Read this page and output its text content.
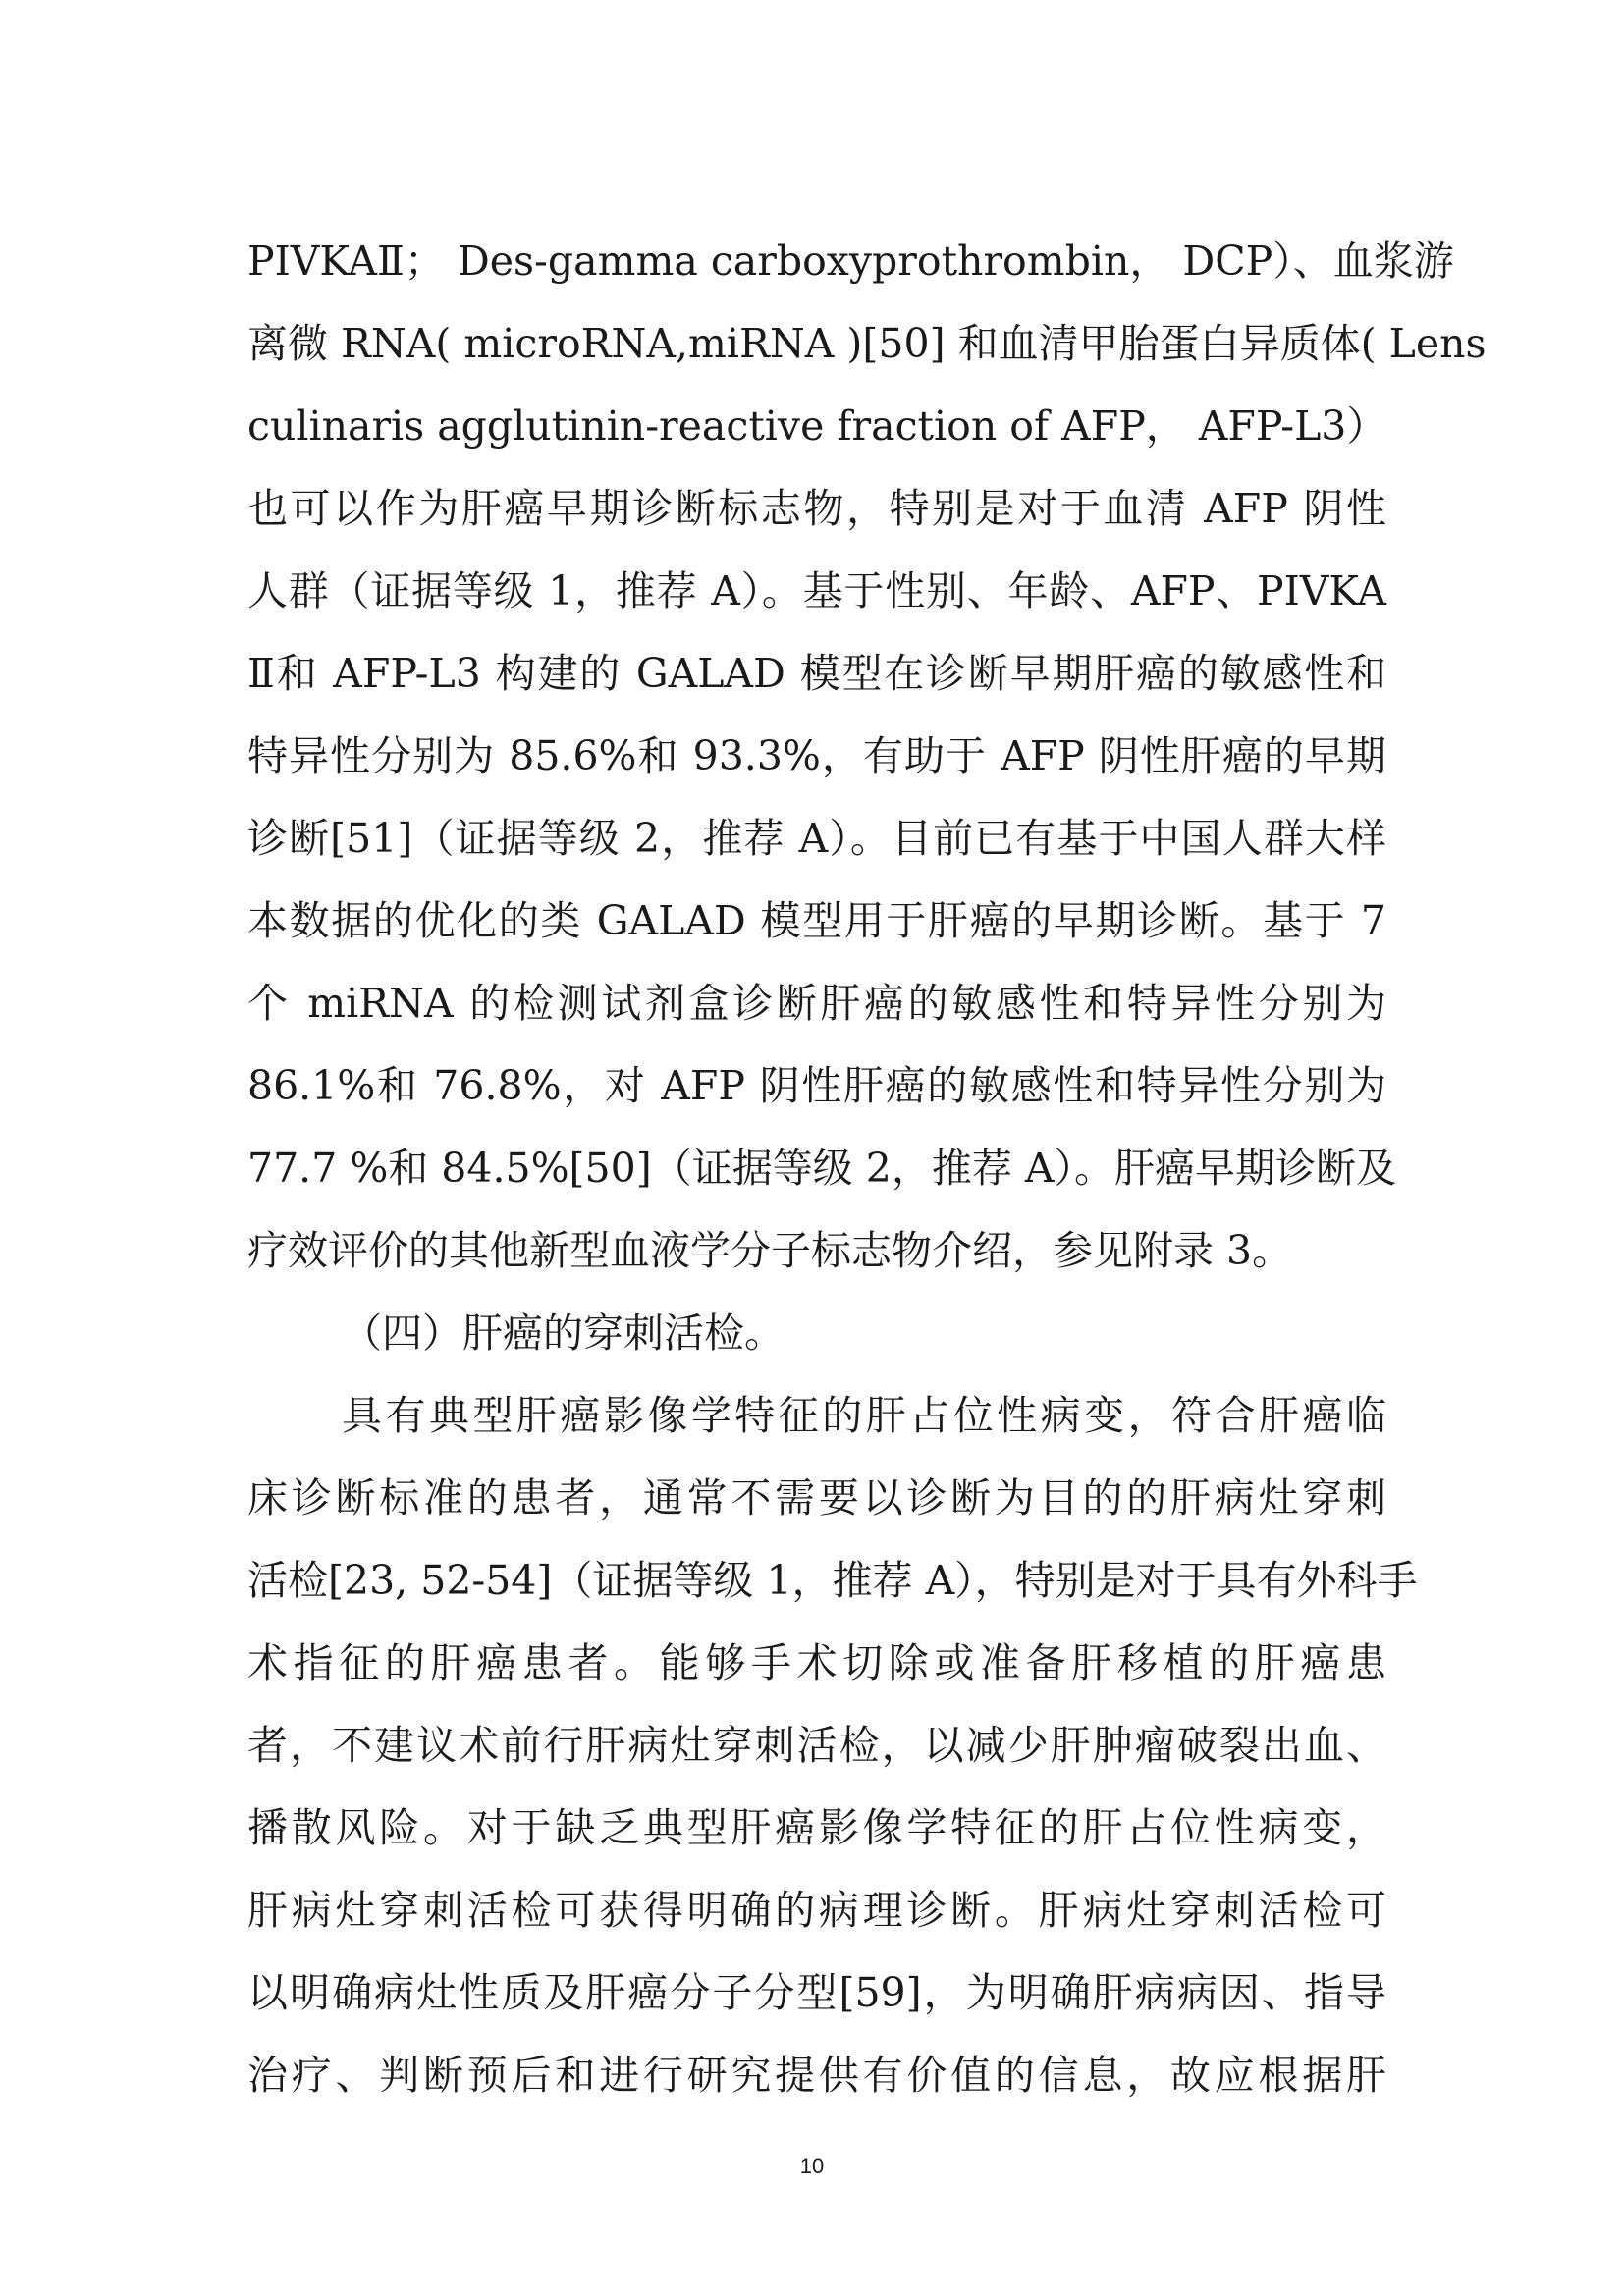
PIVKAⅡ； Des-gamma carboxyprothrombin， DCP）、血浆游
离微 RNA( microRNA,miRNA )[50] 和血清甲胎蛋白异质体( Lens
culinaris agglutinin-reactive fraction of AFP， AFP-L3）
也可以作为肝癌早期诊断标志物，特别是对于血清 AFP 阴性
人群（证据等级 1，推荐 A）。基于性别、年龄、AFP、PIVKA
Ⅱ和 AFP-L3 构建的 GALAD 模型在诊断早期肝癌的敏感性和
特异性分别为 85.6%和 93.3%，有助于 AFP 阴性肝癌的早期
诊断[51]（证据等级 2，推荐 A）。目前已有基于中国人群大样
本数据的优化的类 GALAD 模型用于肝癌的早期诊断。基于 7
个 miRNA 的检测试剂盒诊断肝癌的敏感性和特异性分别为
86.1%和 76.8%，对 AFP 阴性肝癌的敏感性和特异性分别为
77.7 %和 84.5%[50]（证据等级 2，推荐 A）。肝癌早期诊断及
疗效评价的其他新型血液学分子标志物介绍，参见附录 3。
（四）肝癌的穿刺活检。
具有典型肝癌影像学特征的肝占位性病变，符合肝癌临
床诊断标准的患者，通常不需要以诊断为目的的肝病灶穿刺
活检[23, 52-54]（证据等级 1，推荐 A），特别是对于具有外科手
术指征的肝癌患者。能够手术切除或准备肝移植的肝癌患
者，不建议术前行肝病灶穿刺活检，以减少肝肿瘤破裂出血、
播散风险。对于缺乏典型肝癌影像学特征的肝占位性病变，
肝病灶穿刺活检可获得明确的病理诊断。肝病灶穿刺活检可
以明确病灶性质及肝癌分子分型[59]，为明确肝病病因、指导
治疗、判断预后和进行研究提供有价值的信息，故应根据肝
10
